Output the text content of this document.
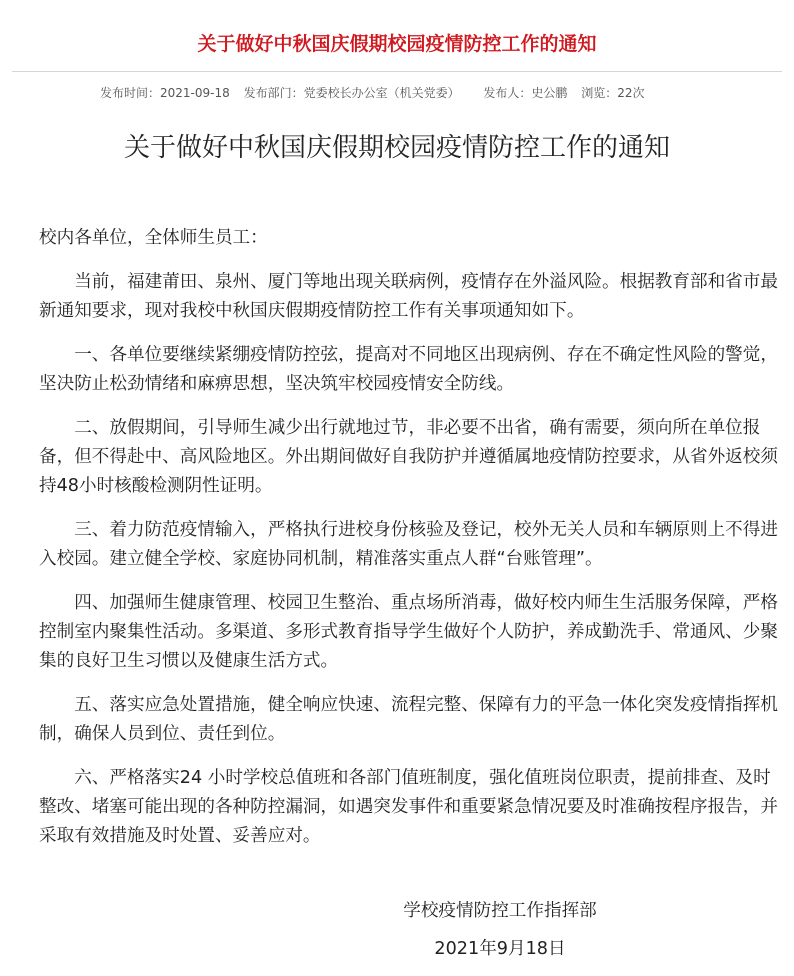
关于做好中秋国庆假期校园疫情防控工作的通知
发布时间：2021-09-18 发布部门：党委校长办公室（机关党委） 发布人：史公鹏 浏览：22次
关于做好中秋国庆假期校园疫情防控工作的通知

校内各单位，全体师生员工：

当前，福建莆田、泉州、厦门等地出现关联病例，疫情存在外溢风险。根据教育部和省市最新通知要求，现对我校中秋国庆假期疫情防控工作有关事项通知如下。

一、各单位要继续紧绷疫情防控弦，提高对不同地区出现病例、存在不确定性风险的警觉，坚决防止松劲情绪和麻痹思想，坚决筑牢校园疫情安全防线。

二、放假期间，引导师生减少出行就地过节，非必要不出省，确有需要，须向所在单位报备，但不得赴中、高风险地区。外出期间做好自我防护并遵循属地疫情防控要求，从省外返校须持48小时核酸检测阴性证明。

三、着力防范疫情输入，严格执行进校身份核验及登记，校外无关人员和车辆原则上不得进入校园。建立健全学校、家庭协同机制，精准落实重点人群“台账管理”。

四、加强师生健康管理、校园卫生整治、重点场所消毒，做好校内师生生活服务保障，严格控制室内聚集性活动。多渠道、多形式教育指导学生做好个人防护，养成勤洗手、常通风、少聚集的良好卫生习惯以及健康生活方式。

五、落实应急处置措施，健全响应快速、流程完整、保障有力的平急一体化突发疫情指挥机制，确保人员到位、责任到位。

六、严格落实24 小时学校总值班和各部门值班制度，强化值班岗位职责，提前排查、及时整改、堵塞可能出现的各种防控漏洞，如遇突发事件和重要紧急情况要及时准确按程序报告，并采取有效措施及时处置、妥善应对。

学校疫情防控工作指挥部
2021年9月18日
